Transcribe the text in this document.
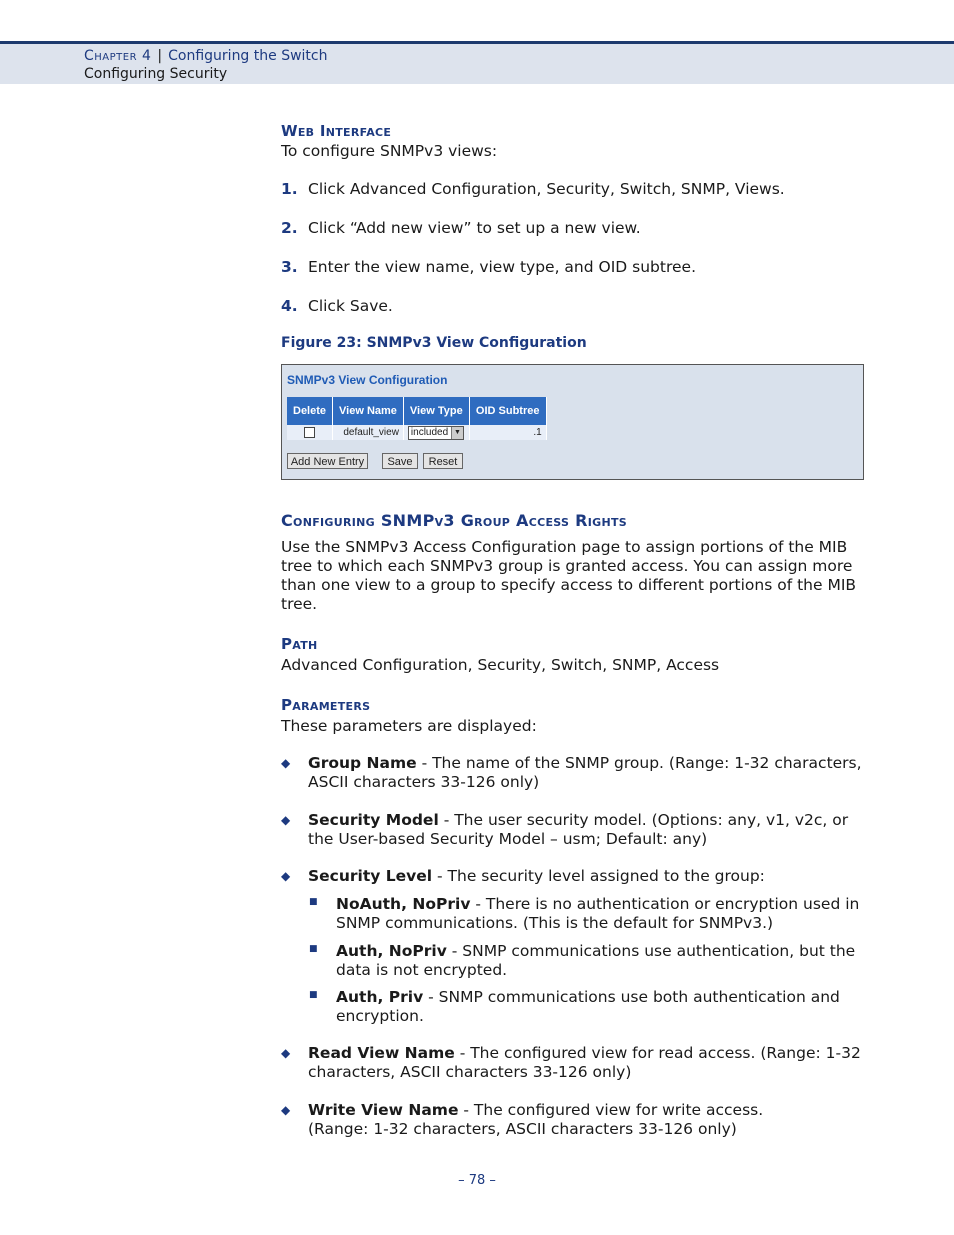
Chapter 4 | Configuring the Switch
Configuring Security
Web Interface
To configure SNMPv3 views:
1. Click Advanced Configuration, Security, Switch, SNMP, Views.
2. Click “Add new view” to set up a new view.
3. Enter the view name, view type, and OID subtree.
4. Click Save.
Figure 23: SNMPv3 View Configuration
SNMPv3 View Configuration
Delete	View Name	View Type	OID Subtree
	default_view	included ▼	.1
Add New Entry	Save	Reset
Configuring SNMPv3 Group Access Rights
Use the SNMPv3 Access Configuration page to assign portions of the MIB tree to which each SNMPv3 group is granted access. You can assign more than one view to a group to specify access to different portions of the MIB tree.
Path
Advanced Configuration, Security, Switch, SNMP, Access
Parameters
These parameters are displayed:
◆ Group Name - The name of the SNMP group. (Range: 1-32 characters, ASCII characters 33-126 only)
◆ Security Model - The user security model. (Options: any, v1, v2c, or the User-based Security Model – usm; Default: any)
◆ Security Level - The security level assigned to the group:
■ NoAuth, NoPriv - There is no authentication or encryption used in SNMP communications. (This is the default for SNMPv3.)
■ Auth, NoPriv - SNMP communications use authentication, but the data is not encrypted.
■ Auth, Priv - SNMP communications use both authentication and encryption.
◆ Read View Name - The configured view for read access. (Range: 1-32 characters, ASCII characters 33-126 only)
◆ Write View Name - The configured view for write access.
(Range: 1-32 characters, ASCII characters 33-126 only)
– 78 –
